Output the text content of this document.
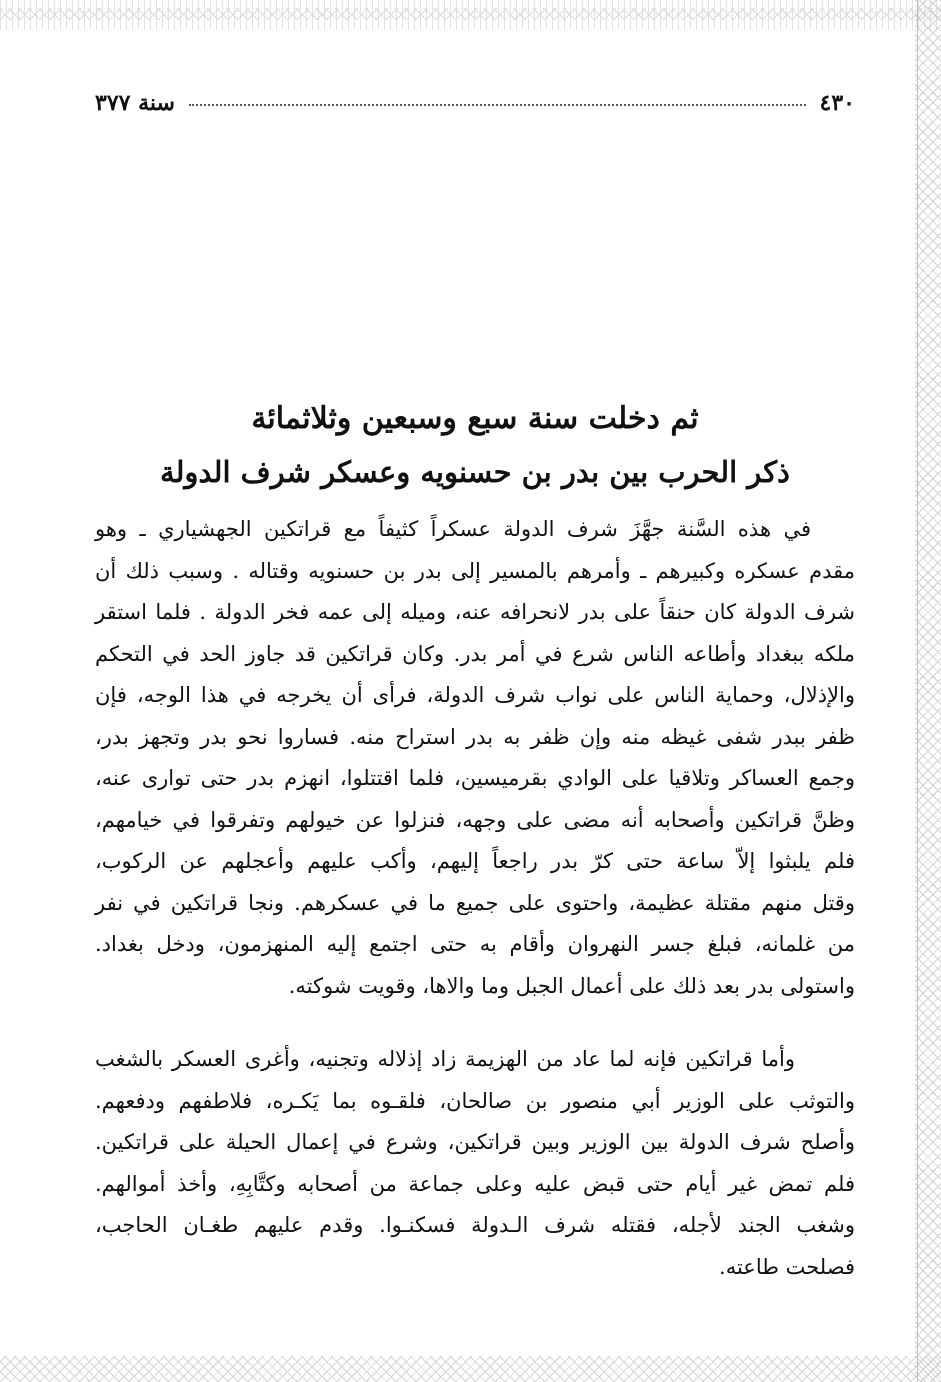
٤٣٠
سنة ٣٧٧
ثم دخلت سنة سبع وسبعين وثلاثمائة
ذكر الحرب بين بدر بن حسنويه وعسكر شرف الدولة

في هذه السَّنة جهَّزَ شرف الدولة عسكراً كثيفاً مع قراتكين الجهشياري ـ وهو
مقدم عسكره وكبيرهم ـ وأمرهم بالمسير إلى بدر بن حسنويه وقتاله . وسبب ذلك أن
شرف الدولة كان حنقاً على بدر لانحرافه عنه، وميله إلى عمه فخر الدولة . فلما استقر
ملكه ببغداد وأطاعه الناس شرع في أمر بدر. وكان قراتكين قد جاوز الحد في التحكم
والإذلال، وحماية الناس على نواب شرف الدولة، فرأى أن يخرجه في هذا الوجه، فإن
ظفر ببدر شفى غيظه منه وإن ظفر به بدر استراح منه. فساروا نحو بدر وتجهز بدر،
وجمع العساكر وتلاقيا على الوادي بقرميسين، فلما اقتتلوا، انهزم بدر حتى توارى عنه،
وظنَّ قراتكين وأصحابه أنه مضى على وجهه، فنزلوا عن خيولهم وتفرقوا في خيامهم،
فلم يلبثوا إلاّ ساعة حتى كرّ بدر راجعاً إليهم، وأكب عليهم وأعجلهم عن الركوب،
وقتل منهم مقتلة عظيمة، واحتوى على جميع ما في عسكرهم. ونجا قراتكين في نفر
من غلمانه، فبلغ جسر النهروان وأقام به حتى اجتمع إليه المنهزمون، ودخل بغداد.
واستولى بدر بعد ذلك على أعمال الجبل وما والاها، وقويت شوكته.

وأما قراتكين فإنه لما عاد من الهزيمة زاد إذلاله وتجنيه، وأغرى العسكر بالشغب
والتوثب على الوزير أبي منصور بن صالحان، فلقـوه بما يَكـره، فلاطفهم ودفعهم.
وأصلح شرف الدولة بين الوزير وبين قراتكين، وشرع في إعمال الحيلة على قراتكين.
فلم تمض غير أيام حتى قبض عليه وعلى جماعة من أصحابه وكتَّابِهِ، وأخذ أموالهم.
وشغب الجند لأجله، فقتله شرف الـدولة فسكنـوا. وقدم عليهم طغـان الحاجب،
فصلحت طاعته.
